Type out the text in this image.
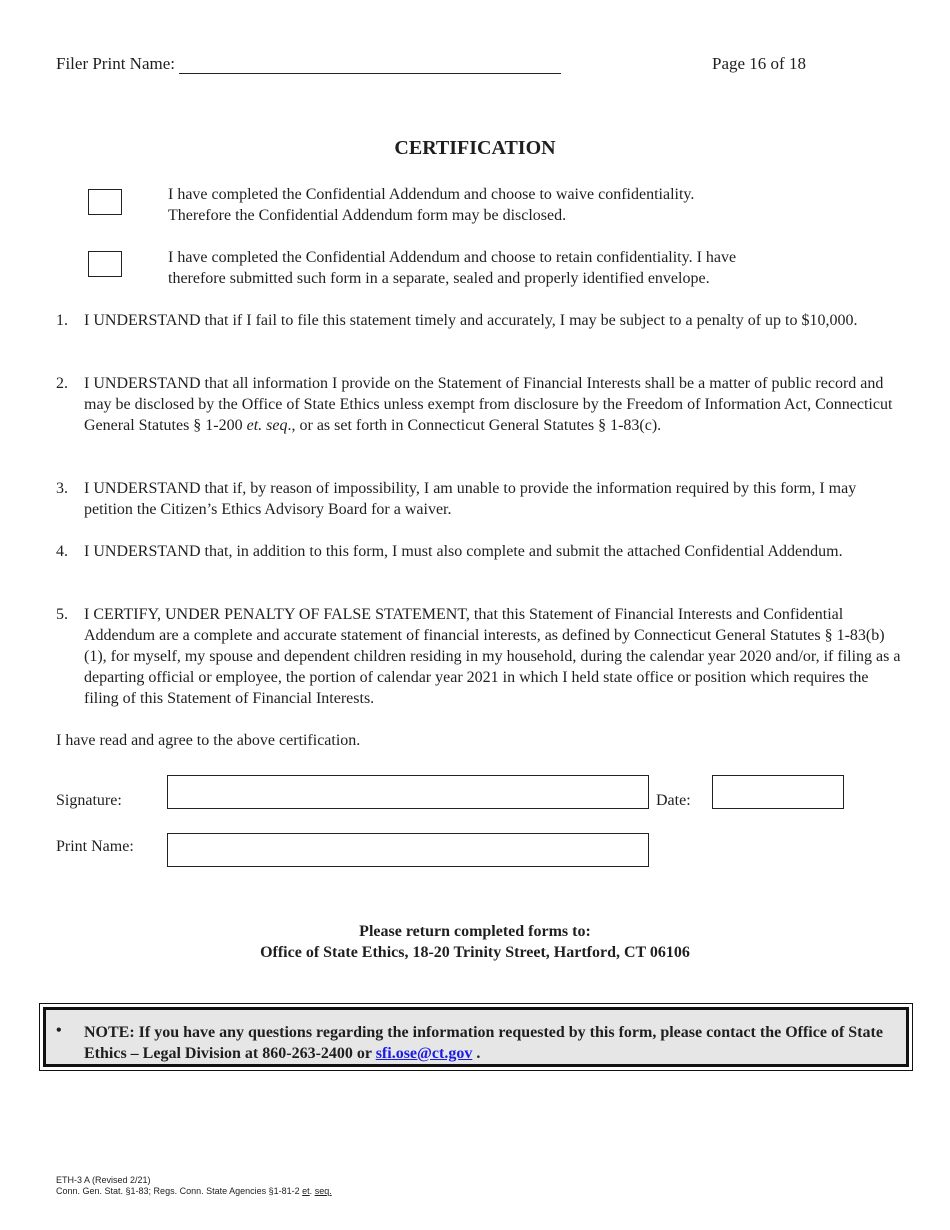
Filer Print Name:	Page 16 of 18
CERTIFICATION
I have completed the Confidential Addendum and choose to waive confidentiality.
Therefore the Confidential Addendum form may be disclosed.
I have completed the Confidential Addendum and choose to retain confidentiality. I have
therefore submitted such form in a separate, sealed and properly identified envelope.
1. I UNDERSTAND that if I fail to file this statement timely and accurately, I may be subject to a penalty of up to $10,000.
2. I UNDERSTAND that all information I provide on the Statement of Financial Interests shall be a matter of public record and may be disclosed by the Office of State Ethics unless exempt from disclosure by the Freedom of Information Act, Connecticut General Statutes § 1-200 et. seq., or as set forth in Connecticut General Statutes § 1-83(c).
3. I UNDERSTAND that if, by reason of impossibility, I am unable to provide the information required by this form, I may petition the Citizen’s Ethics Advisory Board for a waiver.
4. I UNDERSTAND that, in addition to this form, I must also complete and submit the attached Confidential Addendum.
5. I CERTIFY, UNDER PENALTY OF FALSE STATEMENT, that this Statement of Financial Interests and Confidential Addendum are a complete and accurate statement of financial interests, as defined by Connecticut General Statutes § 1-83(b)(1), for myself, my spouse and dependent children residing in my household, during the calendar year 2020 and/or, if filing as a departing official or employee, the portion of calendar year 2021 in which I held state office or position which requires the filing of this Statement of Financial Interests.
I have read and agree to the above certification.
Signature:	Date:
Print Name:
Please return completed forms to:
Office of State Ethics, 18-20 Trinity Street, Hartford, CT 06106
• NOTE: If you have any questions regarding the information requested by this form, please contact the Office of State Ethics – Legal Division at 860-263-2400 or sfi.ose@ct.gov .
ETH-3 A (Revised 2/21)
Conn. Gen. Stat. §1-83; Regs. Conn. State Agencies §1-81-2 et. seq.
